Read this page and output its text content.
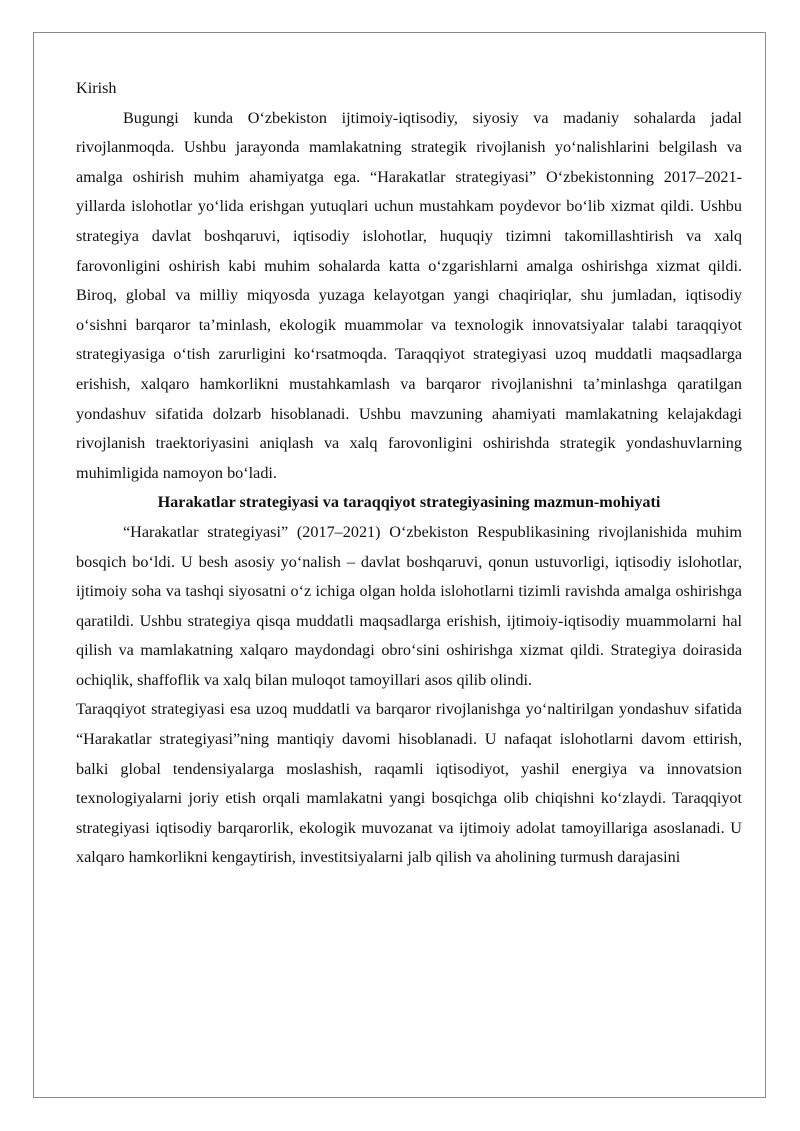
Kirish

Bugungi kunda O‘zbekiston ijtimoiy-iqtisodiy, siyosiy va madaniy sohalarda jadal rivojlanmoqda. Ushbu jarayonda mamlakatning strategik rivojlanish yo‘nalishlarini belgilash va amalga oshirish muhim ahamiyatga ega. “Harakatlar strategiyasi” O‘zbekistonning 2017–2021-yillarda islohotlar yo‘lida erishgan yutuqlari uchun mustahkam poydevor bo‘lib xizmat qildi. Ushbu strategiya davlat boshqaruvi, iqtisodiy islohotlar, huquqiy tizimni takomillashtirish va xalq farovonligini oshirish kabi muhim sohalarda katta o‘zgarishlarni amalga oshirishga xizmat qildi. Biroq, global va milliy miqyosda yuzaga kelayotgan yangi chaqiriqlar, shu jumladan, iqtisodiy o‘sishni barqaror ta’minlash, ekologik muammolar va texnologik innovatsiyalar talabi taraqqiyot strategiyasiga o‘tish zarurligini ko‘rsatmoqda. Taraqqiyot strategiyasi uzoq muddatli maqsadlarga erishish, xalqaro hamkorlikni mustahkamlash va barqaror rivojlanishni ta’minlashga qaratilgan yondashuv sifatida dolzarb hisoblanadi. Ushbu mavzuning ahamiyati mamlakatning kelajakdagi rivojlanish traektoriyasini aniqlash va xalq farovonligini oshirishda strategik yondashuvlarning muhimligida namoyon bo‘ladi.

Harakatlar strategiyasi va taraqqiyot strategiyasining mazmun-mohiyati

“Harakatlar strategiyasi” (2017–2021) O‘zbekiston Respublikasining rivojlanishida muhim bosqich bo‘ldi. U besh asosiy yo‘nalish – davlat boshqaruvi, qonun ustuvorligi, iqtisodiy islohotlar, ijtimoiy soha va tashqi siyosatni o‘z ichiga olgan holda islohotlarni tizimli ravishda amalga oshirishga qaratildi. Ushbu strategiya qisqa muddatli maqsadlarga erishish, ijtimoiy-iqtisodiy muammolarni hal qilish va mamlakatning xalqaro maydondagi obro‘sini oshirishga xizmat qildi. Strategiya doirasida ochiqlik, shaffoflik va xalq bilan muloqot tamoyillari asos qilib olindi.

Taraqqiyot strategiyasi esa uzoq muddatli va barqaror rivojlanishga yo‘naltirilgan yondashuv sifatida “Harakatlar strategiyasi”ning mantiqiy davomi hisoblanadi. U nafaqat islohotlarni davom ettirish, balki global tendensiyalarga moslashish, raqamli iqtisodiyot, yashil energiya va innovatsion texnologiyalarni joriy etish orqali mamlakatni yangi bosqichga olib chiqishni ko‘zlaydi. Taraqqiyot strategiyasi iqtisodiy barqarorlik, ekologik muvozanat va ijtimoiy adolat tamoyillariga asoslanadi. U xalqaro hamkorlikni kengaytirish, investitsiyalarni jalb qilish va aholining turmush darajasini
